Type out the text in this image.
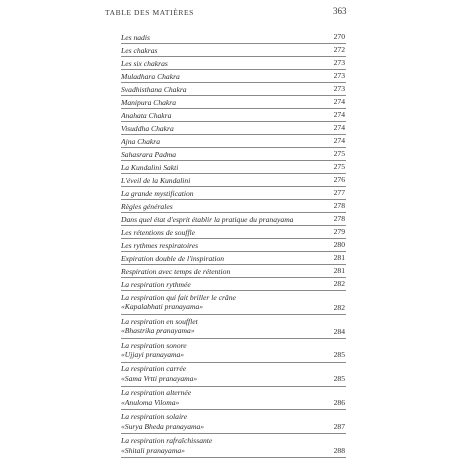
TABLE DES MATIÈRES	363
Les nadis	270
Les chakras	272
Les six chakras	273
Muladhara Chakra	273
Svadhisthana Chakra	273
Manipura Chakra	274
Anahata Chakra	274
Visuddha Chakra	274
Ajna Chakra	274
Sahasrara Padma	275
La Kundalini Sakti	275
L'éveil de la Kundalini	276
La grande mystification	277
Règles générales	278
Dans quel état d'esprit établir la pratique du pranayama	278
Les rétentions de souffle	279
Les rythmes respiratoires	280
Expiration double de l'inspiration	281
Respiration avec temps de rétention	281
La respiration rythmée	282
La respiration qui fait briller le crâne
«Kapalabhati pranayama»	282
La respiration en soufflet
«Bhastrika pranayama»	284
La respiration sonore
«Ujjayi pranayama»	285
La respiration carrée
«Sama Vrtti pranayama»	285
La respiration alternée
«Anuloma Viloma»	286
La respiration solaire
«Surya Bheda pranayama»	287
La respiration rafraîchissante
«Shitali pranayama»	288
